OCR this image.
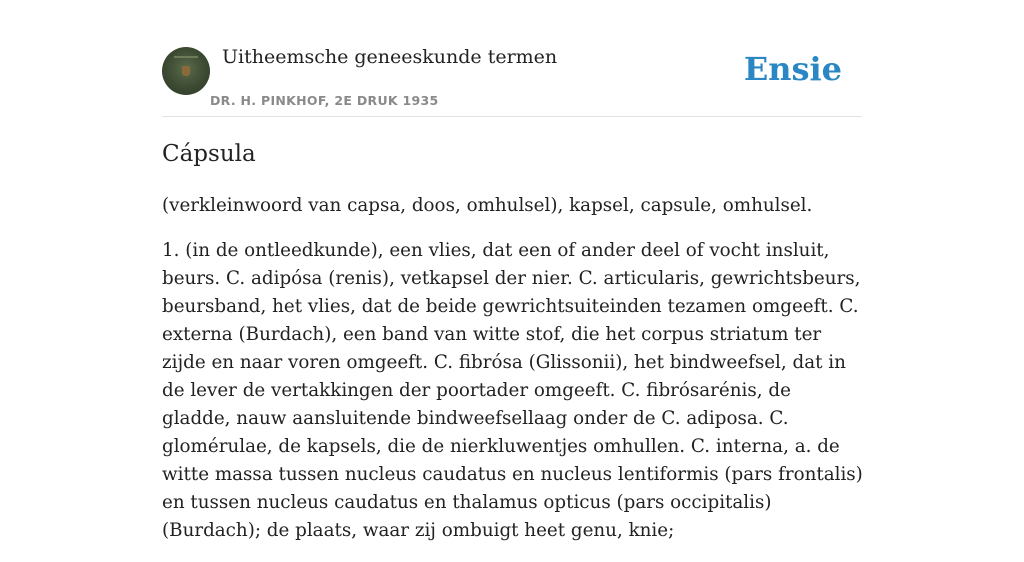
Uitheemsche geneeskunde termen
DR. H. PINKHOF, 2E DRUK 1935
Ensie
Cápsula

(verkleinwoord van capsa, doos, omhulsel), kapsel, capsule, omhulsel.

1. (in de ontleedkunde), een vlies, dat een of ander deel of vocht insluit, beurs. C. adipósa (renis), vetkapsel der nier. C. articularis, gewrichtsbeurs, beursband, het vlies, dat de beide gewrichtsuiteinden tezamen omgeeft. C. externa (Burdach), een band van witte stof, die het corpus striatum ter zijde en naar voren omgeeft. C. fibrósa (Glissonii), het bindweefsel, dat in de lever de vertakkingen der poortader omgeeft. C. fibrósarénis, de gladde, nauw aansluitende bindweefsellaag onder de C. adiposa. C. glomérulae, de kapsels, die de nierkluwentjes omhullen. C. interna, a. de witte massa tussen nucleus caudatus en nucleus lentiformis (pars frontalis) en tussen nucleus caudatus en thalamus opticus (pars occipitalis) (Burdach); de plaats, waar zij ombuigt heet genu, knie;
